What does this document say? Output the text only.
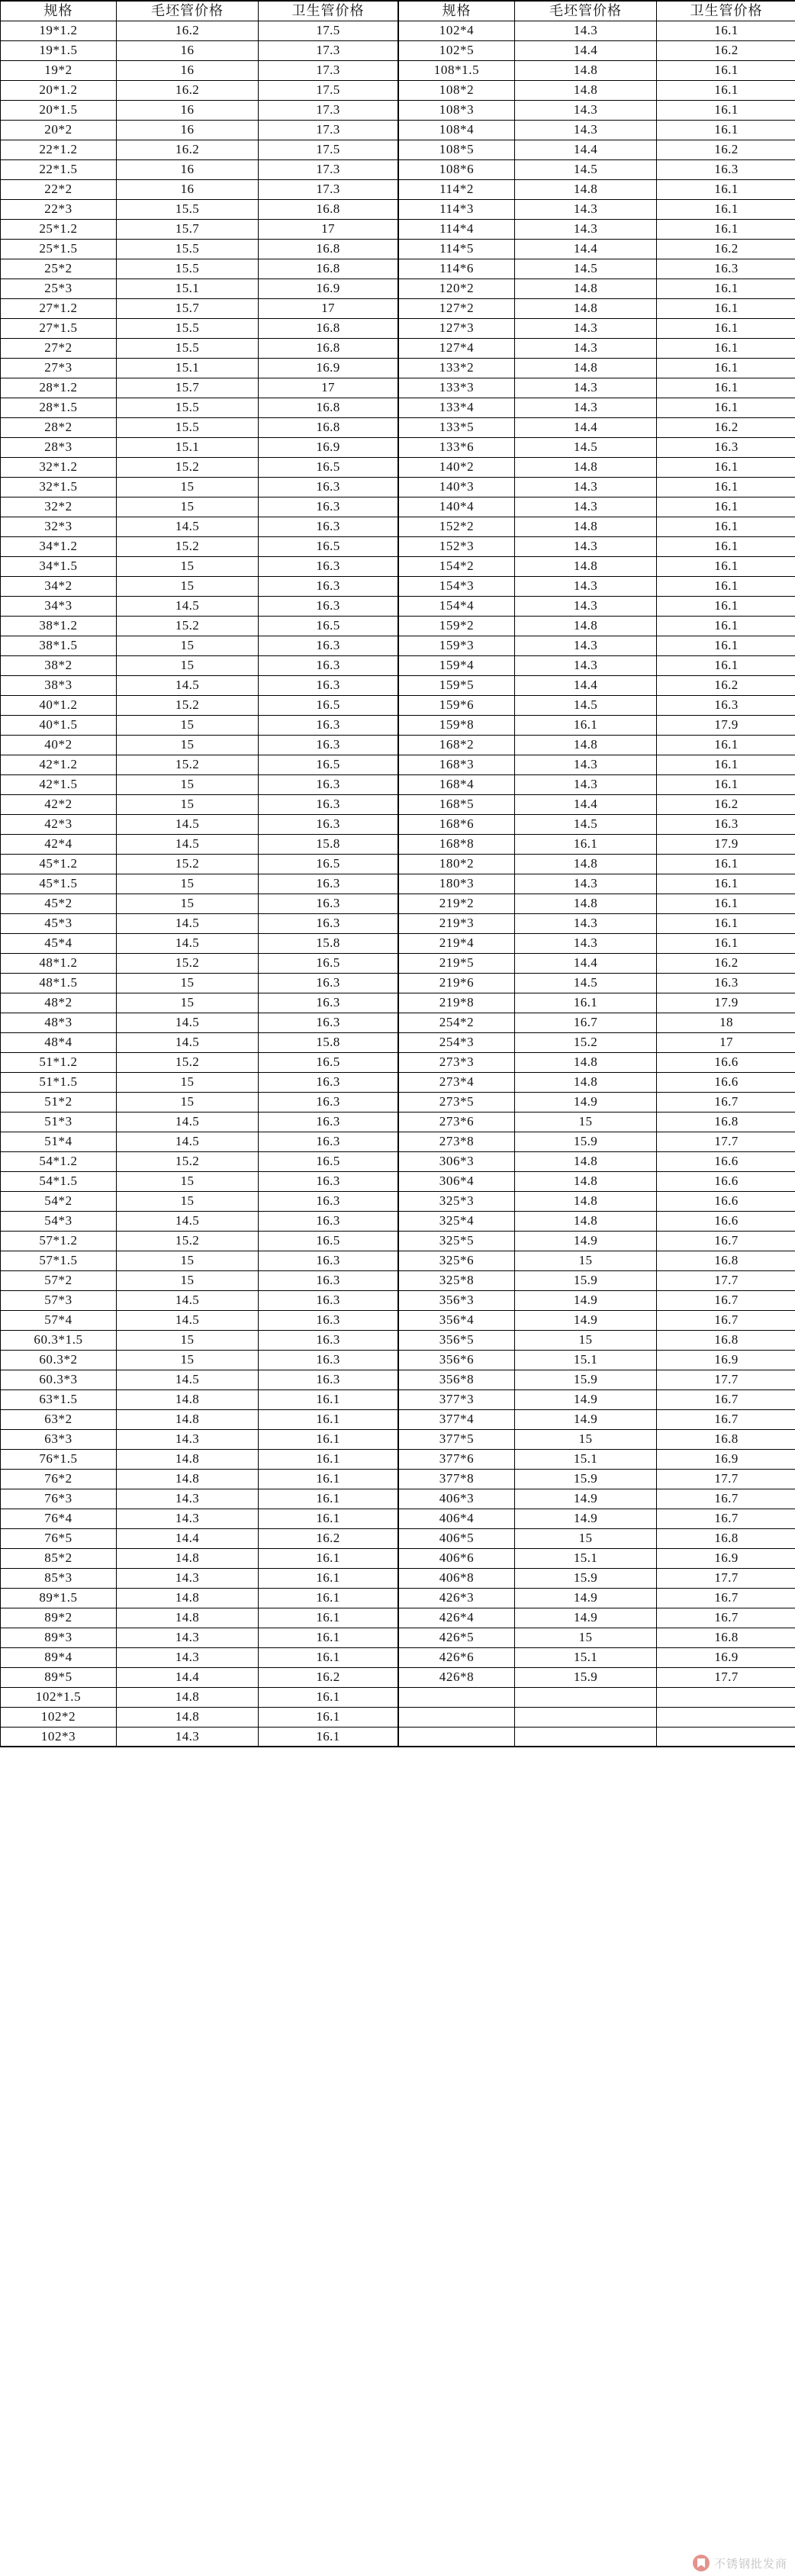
规格	毛坯管价格	卫生管价格
19*1.2	16.2	17.5
19*1.5	16	17.3
19*2	16	17.3
20*1.2	16.2	17.5
20*1.5	16	17.3
20*2	16	17.3
22*1.2	16.2	17.5
22*1.5	16	17.3
22*2	16	17.3
22*3	15.5	16.8
25*1.2	15.7	17
25*1.5	15.5	16.8
25*2	15.5	16.8
25*3	15.1	16.9
27*1.2	15.7	17
27*1.5	15.5	16.8
27*2	15.5	16.8
27*3	15.1	16.9
28*1.2	15.7	17
28*1.5	15.5	16.8
28*2	15.5	16.8
28*3	15.1	16.9
32*1.2	15.2	16.5
32*1.5	15	16.3
32*2	15	16.3
32*3	14.5	16.3
34*1.2	15.2	16.5
34*1.5	15	16.3
34*2	15	16.3
34*3	14.5	16.3
38*1.2	15.2	16.5
38*1.5	15	16.3
38*2	15	16.3
38*3	14.5	16.3
40*1.2	15.2	16.5
40*1.5	15	16.3
40*2	15	16.3
42*1.2	15.2	16.5
42*1.5	15	16.3
42*2	15	16.3
42*3	14.5	16.3
42*4	14.5	15.8
45*1.2	15.2	16.5
45*1.5	15	16.3
45*2	15	16.3
45*3	14.5	16.3
45*4	14.5	15.8
48*1.2	15.2	16.5
48*1.5	15	16.3
48*2	15	16.3
48*3	14.5	16.3
48*4	14.5	15.8
51*1.2	15.2	16.5
51*1.5	15	16.3
51*2	15	16.3
51*3	14.5	16.3
51*4	14.5	16.3
54*1.2	15.2	16.5
54*1.5	15	16.3
54*2	15	16.3
54*3	14.5	16.3
57*1.2	15.2	16.5
57*1.5	15	16.3
57*2	15	16.3
57*3	14.5	16.3
57*4	14.5	16.3
60.3*1.5	15	16.3
60.3*2	15	16.3
60.3*3	14.5	16.3
63*1.5	14.8	16.1
63*2	14.8	16.1
63*3	14.3	16.1
76*1.5	14.8	16.1
76*2	14.8	16.1
76*3	14.3	16.1
76*4	14.3	16.1
76*5	14.4	16.2
85*2	14.8	16.1
85*3	14.3	16.1
89*1.5	14.8	16.1
89*2	14.8	16.1
89*3	14.3	16.1
89*4	14.3	16.1
89*5	14.4	16.2
102*1.5	14.8	16.1
102*2	14.8	16.1
102*3	14.3	16.1
规格	毛坯管价格	卫生管价格
102*4	14.3	16.1
102*5	14.4	16.2
108*1.5	14.8	16.1
108*2	14.8	16.1
108*3	14.3	16.1
108*4	14.3	16.1
108*5	14.4	16.2
108*6	14.5	16.3
114*2	14.8	16.1
114*3	14.3	16.1
114*4	14.3	16.1
114*5	14.4	16.2
114*6	14.5	16.3
120*2	14.8	16.1
127*2	14.8	16.1
127*3	14.3	16.1
127*4	14.3	16.1
133*2	14.8	16.1
133*3	14.3	16.1
133*4	14.3	16.1
133*5	14.4	16.2
133*6	14.5	16.3
140*2	14.8	16.1
140*3	14.3	16.1
140*4	14.3	16.1
152*2	14.8	16.1
152*3	14.3	16.1
154*2	14.8	16.1
154*3	14.3	16.1
154*4	14.3	16.1
159*2	14.8	16.1
159*3	14.3	16.1
159*4	14.3	16.1
159*5	14.4	16.2
159*6	14.5	16.3
159*8	16.1	17.9
168*2	14.8	16.1
168*3	14.3	16.1
168*4	14.3	16.1
168*5	14.4	16.2
168*6	14.5	16.3
168*8	16.1	17.9
180*2	14.8	16.1
180*3	14.3	16.1
219*2	14.8	16.1
219*3	14.3	16.1
219*4	14.3	16.1
219*5	14.4	16.2
219*6	14.5	16.3
219*8	16.1	17.9
254*2	16.7	18
254*3	15.2	17
273*3	14.8	16.6
273*4	14.8	16.6
273*5	14.9	16.7
273*6	15	16.8
273*8	15.9	17.7
306*3	14.8	16.6
306*4	14.8	16.6
325*3	14.8	16.6
325*4	14.8	16.6
325*5	14.9	16.7
325*6	15	16.8
325*8	15.9	17.7
356*3	14.9	16.7
356*4	14.9	16.7
356*5	15	16.8
356*6	15.1	16.9
356*8	15.9	17.7
377*3	14.9	16.7
377*4	14.9	16.7
377*5	15	16.8
377*6	15.1	16.9
377*8	15.9	17.7
406*3	14.9	16.7
406*4	14.9	16.7
406*5	15	16.8
406*6	15.1	16.9
406*8	15.9	17.7
426*3	14.9	16.7
426*4	14.9	16.7
426*5	15	16.8
426*6	15.1	16.9
426*8	15.9	17.7

不锈钢批发商
